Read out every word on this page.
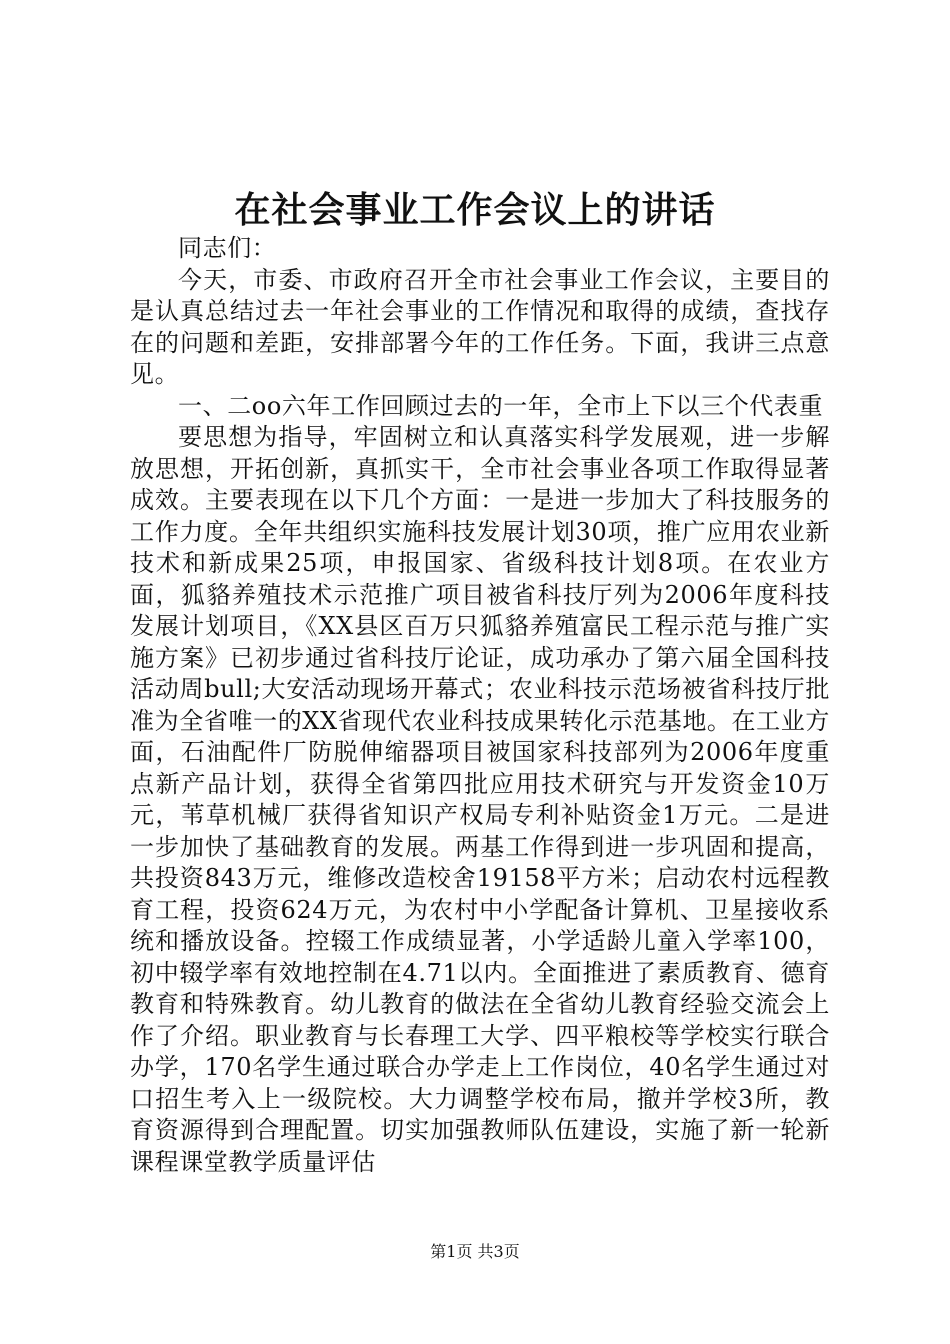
在社会事业工作会议上的讲话

同志们：

今天，市委、市政府召开全市社会事业工作会议，主要目的是认真总结过去一年社会事业的工作情况和取得的成绩，查找存在的问题和差距，安排部署今年的工作任务。下面，我讲三点意见。

一、二oo六年工作回顾过去的一年，全市上下以三个代表重

要思想为指导，牢固树立和认真落实科学发展观，进一步解放思想，开拓创新，真抓实干，全市社会事业各项工作取得显著成效。主要表现在以下几个方面：一是进一步加大了科技服务的工作力度。全年共组织实施科技发展计划30项，推广应用农业新技术和新成果25项，申报国家、省级科技计划8项。在农业方面，狐貉养殖技术示范推广项目被省科技厅列为2006年度科技发展计划项目，《XX县区百万只狐貉养殖富民工程示范与推广实施方案》已初步通过省科技厅论证，成功承办了第六届全国科技活动周bull;大安活动现场开幕式；农业科技示范场被省科技厅批准为全省唯一的XX省现代农业科技成果转化示范基地。在工业方面，石油配件厂防脱伸缩器项目被国家科技部列为2006年度重点新产品计划，获得全省第四批应用技术研究与开发资金10万元，苇草机械厂获得省知识产权局专利补贴资金1万元。二是进一步加快了基础教育的发展。两基工作得到进一步巩固和提高，共投资843万元，维修改造校舍19158平方米；启动农村远程教育工程，投资624万元，为农村中小学配备计算机、卫星接收系统和播放设备。控辍工作成绩显著，小学适龄儿童入学率100，初中辍学率有效地控制在4.71以内。全面推进了素质教育、德育教育和特殊教育。幼儿教育的做法在全省幼儿教育经验交流会上作了介绍。职业教育与长春理工大学、四平粮校等学校实行联合办学，170名学生通过联合办学走上工作岗位，40名学生通过对口招生考入上一级院校。大力调整学校布局，撤并学校3所，教育资源得到合理配置。切实加强教师队伍建设，实施了新一轮新课程课堂教学质量评估

第1页 共3页
